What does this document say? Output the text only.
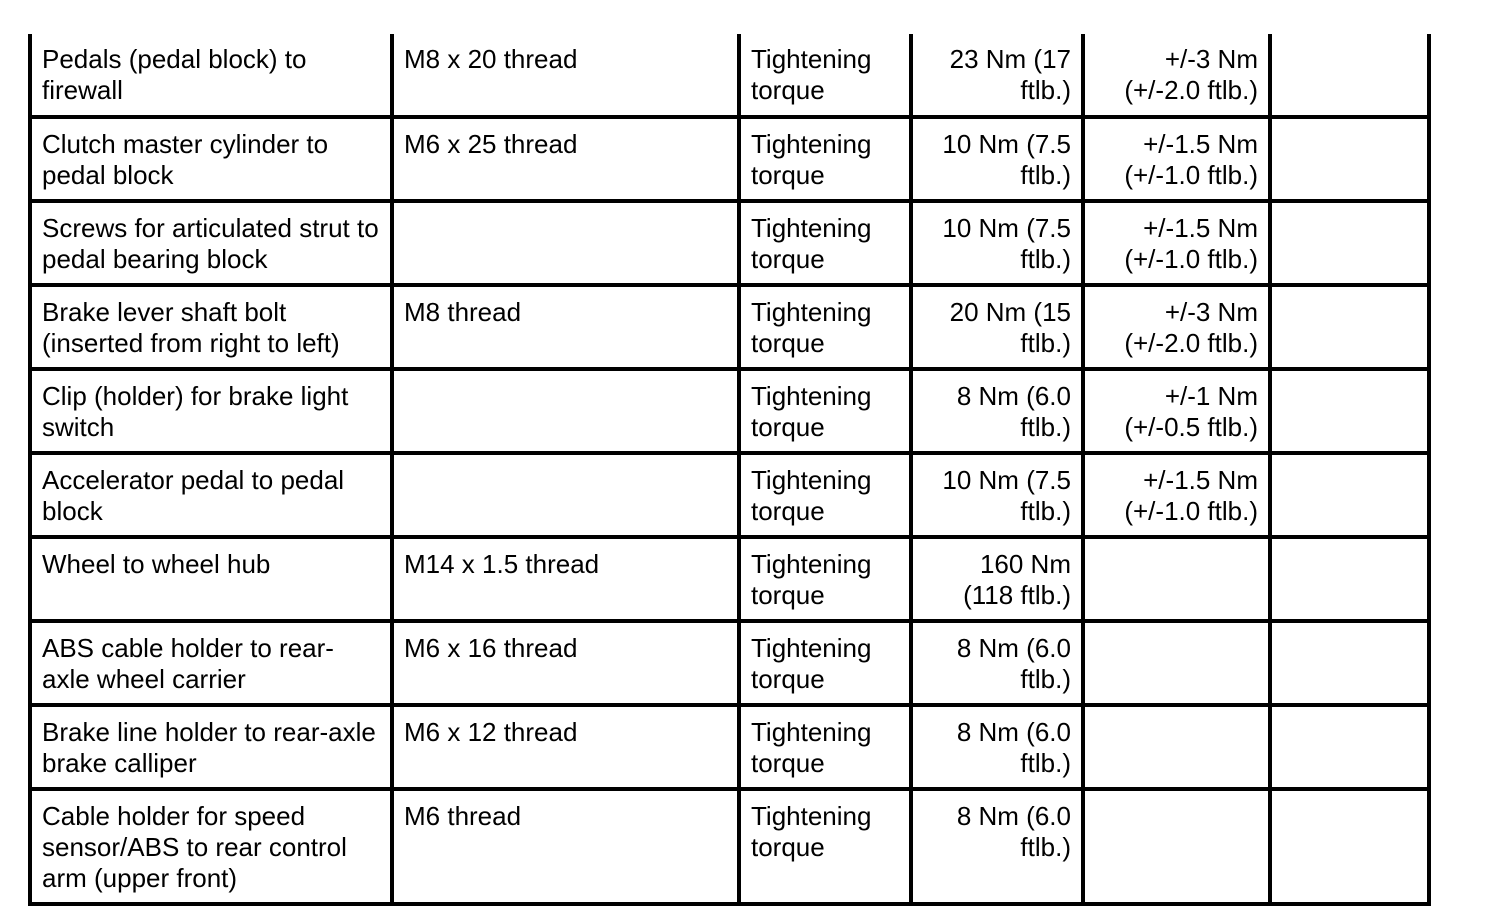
Pedals (pedal block) to firewall	M8 x 20 thread	Tightening torque	23 Nm (17 ftlb.)	+/-3 Nm (+/-2.0 ftlb.)	
Clutch master cylinder to pedal block	M6 x 25 thread	Tightening torque	10 Nm (7.5 ftlb.)	+/-1.5 Nm (+/-1.0 ftlb.)	
Screws for articulated strut to pedal bearing block		Tightening torque	10 Nm (7.5 ftlb.)	+/-1.5 Nm (+/-1.0 ftlb.)	
Brake lever shaft bolt (inserted from right to left)	M8 thread	Tightening torque	20 Nm (15 ftlb.)	+/-3 Nm (+/-2.0 ftlb.)	
Clip (holder) for brake light switch		Tightening torque	8 Nm (6.0 ftlb.)	+/-1 Nm (+/-0.5 ftlb.)	
Accelerator pedal to pedal block		Tightening torque	10 Nm (7.5 ftlb.)	+/-1.5 Nm (+/-1.0 ftlb.)	
Wheel to wheel hub	M14 x 1.5 thread	Tightening torque	160 Nm (118 ftlb.)		
ABS cable holder to rear-axle wheel carrier	M6 x 16 thread	Tightening torque	8 Nm (6.0 ftlb.)		
Brake line holder to rear-axle brake calliper	M6 x 12 thread	Tightening torque	8 Nm (6.0 ftlb.)		
Cable holder for speed sensor/ABS to rear control arm (upper front)	M6 thread	Tightening torque	8 Nm (6.0 ftlb.)		
